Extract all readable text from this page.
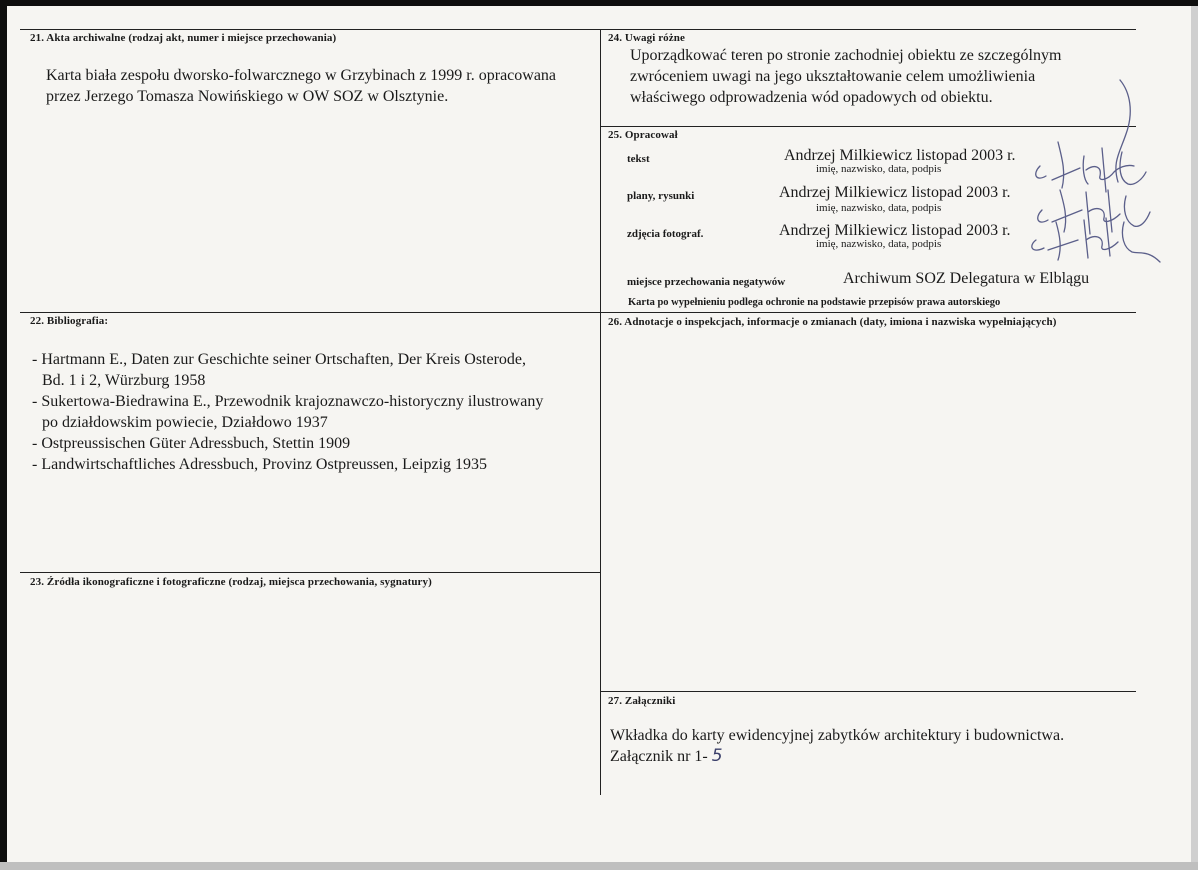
21. Akta archiwalne (rodzaj akt, numer i miejsce przechowania)
Karta biała zespołu dworsko-folwarcznego w Grzybinach z 1999 r. opracowana
przez Jerzego Tomasza Nowińskiego w OW SOZ w Olsztynie.
22. Bibliografia:
- Hartmann E., Daten zur Geschichte seiner Ortschaften, Der Kreis Osterode,
Bd. 1 i 2, Würzburg 1958
- Sukertowa-Biedrawina E., Przewodnik krajoznawczo-historyczny ilustrowany
po działdowskim powiecie, Działdowo 1937
- Ostpreussischen Güter Adressbuch, Stettin 1909
- Landwirtschaftliches Adressbuch, Provinz Ostpreussen, Leipzig 1935
23. Źródła ikonograficzne i fotograficzne (rodzaj, miejsca przechowania, sygnatury)
24. Uwagi różne
Uporządkować teren po stronie zachodniej obiektu ze szczególnym
zwróceniem uwagi na jego ukształtowanie celem umożliwienia
właściwego odprowadzenia wód opadowych od obiektu.
25. Opracował
tekst	Andrzej Milkiewicz listopad 2003 r.
imię, nazwisko, data, podpis
plany, rysunki	Andrzej Milkiewicz listopad 2003 r.
imię, nazwisko, data, podpis
zdjęcia fotograf.	Andrzej Milkiewicz listopad 2003 r.
imię, nazwisko, data, podpis
miejsce przechowania negatywów	Archiwum SOZ Delegatura w Elblągu
Karta po wypełnieniu podlega ochronie na podstawie przepisów prawa autorskiego
26. Adnotacje o inspekcjach, informacje o zmianach (daty, imiona i nazwiska wypełniających)
27. Załączniki
Wkładka do karty ewidencyjnej zabytków architektury i budownictwa.
Załącznik nr 1- 5
